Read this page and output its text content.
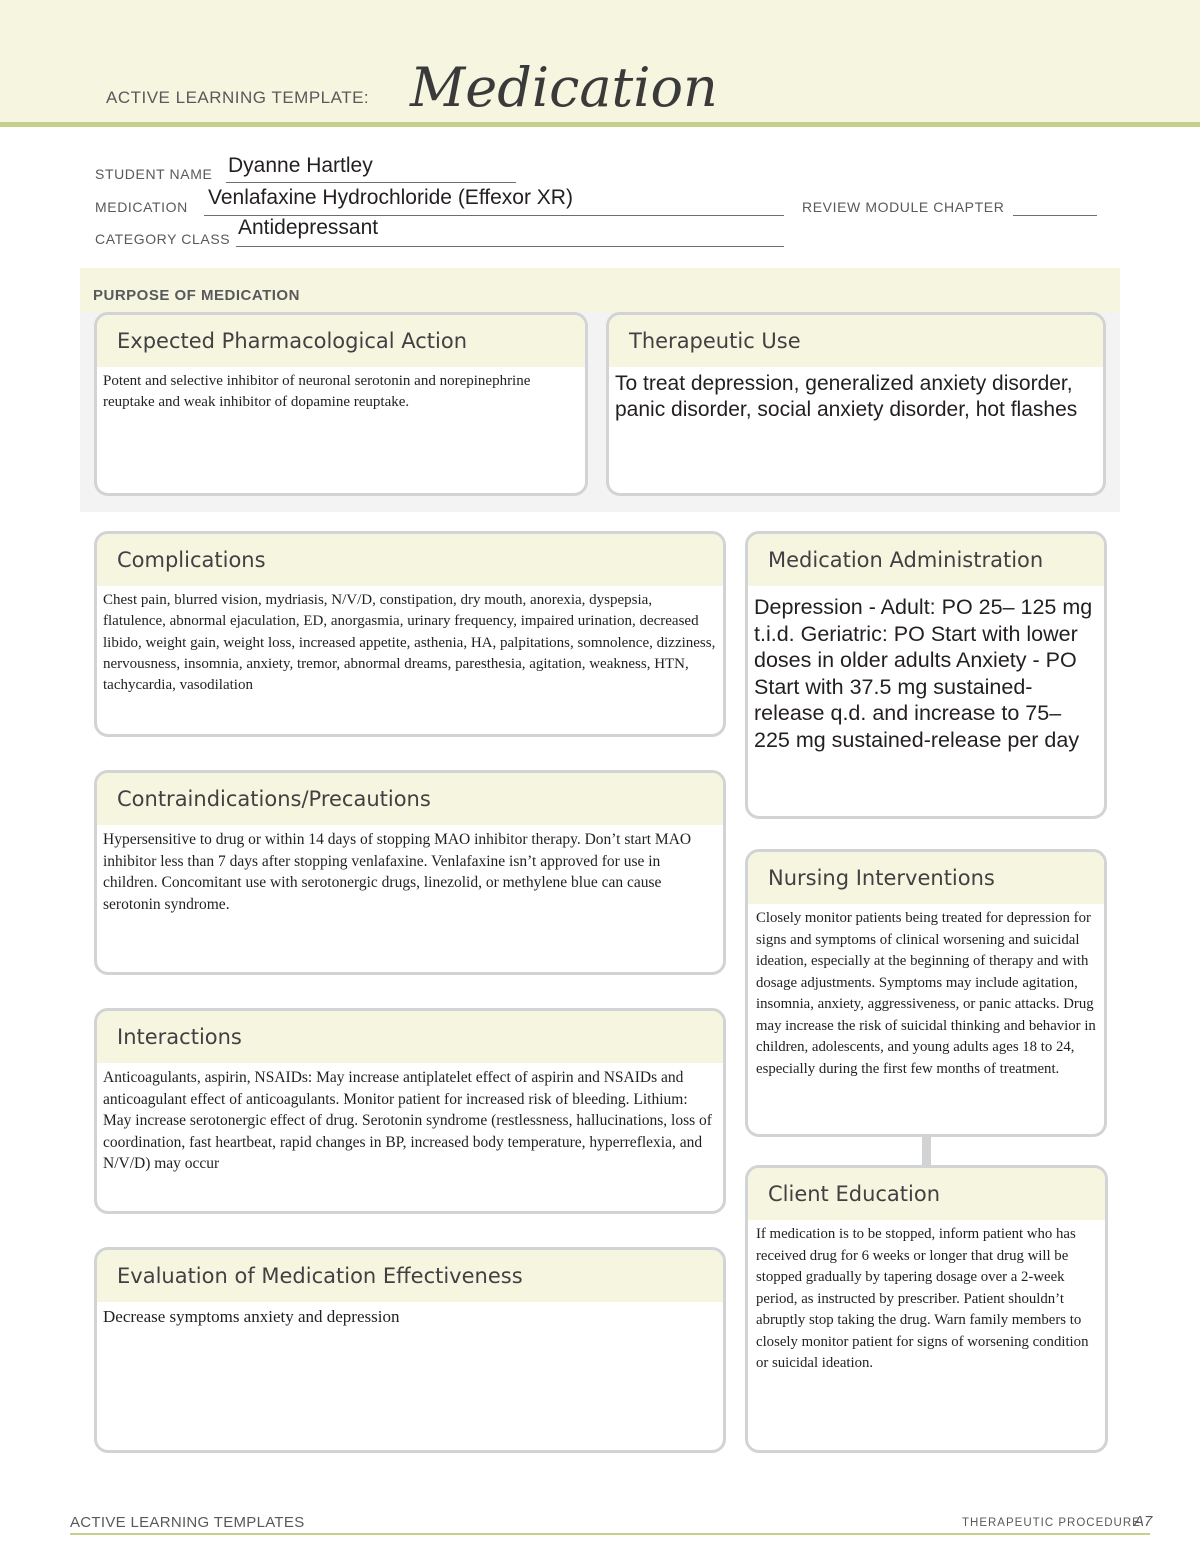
ACTIVE LEARNING TEMPLATE: Medication
STUDENT NAME Dyanne Hartley
MEDICATION Venlafaxine Hydrochloride (Effexor XR)	REVIEW MODULE CHAPTER
CATEGORY CLASS Antidepressant
PURPOSE OF MEDICATION
Expected Pharmacological Action
Potent and selective inhibitor of neuronal serotonin and norepinephrine reuptake and weak inhibitor of dopamine reuptake.
Therapeutic Use
To treat depression, generalized anxiety disorder, panic disorder, social anxiety disorder, hot flashes
Complications
Chest pain, blurred vision, mydriasis, N/V/D, constipation, dry mouth, anorexia, dyspepsia, flatulence, abnormal ejaculation, ED, anorgasmia, urinary frequency, impaired urination, decreased libido, weight gain, weight loss, increased appetite, asthenia, HA, palpitations, somnolence, dizziness, nervousness, insomnia, anxiety, tremor, abnormal dreams, paresthesia, agitation, weakness, HTN, tachycardia, vasodilation
Medication Administration
Depression - Adult: PO 25– 125 mg t.i.d. Geriatric: PO Start with lower doses in older adults Anxiety - PO Start with 37.5 mg sustained-release q.d. and increase to 75– 225 mg sustained-release per day
Contraindications/Precautions
Hypersensitive to drug or within 14 days of stopping MAO inhibitor therapy. Don’t start MAO inhibitor less than 7 days after stopping venlafaxine. Venlafaxine isn’t approved for use in children. Concomitant use with serotonergic drugs, linezolid, or methylene blue can cause serotonin syndrome.
Nursing Interventions
Closely monitor patients being treated for depression for signs and symptoms of clinical worsening and suicidal ideation, especially at the beginning of therapy and with dosage adjustments. Symptoms may include agitation, insomnia, anxiety, aggressiveness, or panic attacks. Drug may increase the risk of suicidal thinking and behavior in children, adolescents, and young adults ages 18 to 24, especially during the first few months of treatment.
Interactions
Anticoagulants, aspirin, NSAIDs: May increase antiplatelet effect of aspirin and NSAIDs and anticoagulant effect of anticoagulants. Monitor patient for increased risk of bleeding. Lithium: May increase serotonergic effect of drug. Serotonin syndrome (restlessness, hallucinations, loss of coordination, fast heartbeat, rapid changes in BP, increased body temperature, hyperreflexia, and N/V/D) may occur
Client Education
If medication is to be stopped, inform patient who has received drug for 6 weeks or longer that drug will be stopped gradually by tapering dosage over a 2-week period, as instructed by prescriber. Patient shouldn’t abruptly stop taking the drug. Warn family members to closely monitor patient for signs of worsening condition or suicidal ideation.
Evaluation of Medication Effectiveness
Decrease symptoms anxiety and depression
ACTIVE LEARNING TEMPLATES	THERAPEUTIC PROCEDURE
A7
